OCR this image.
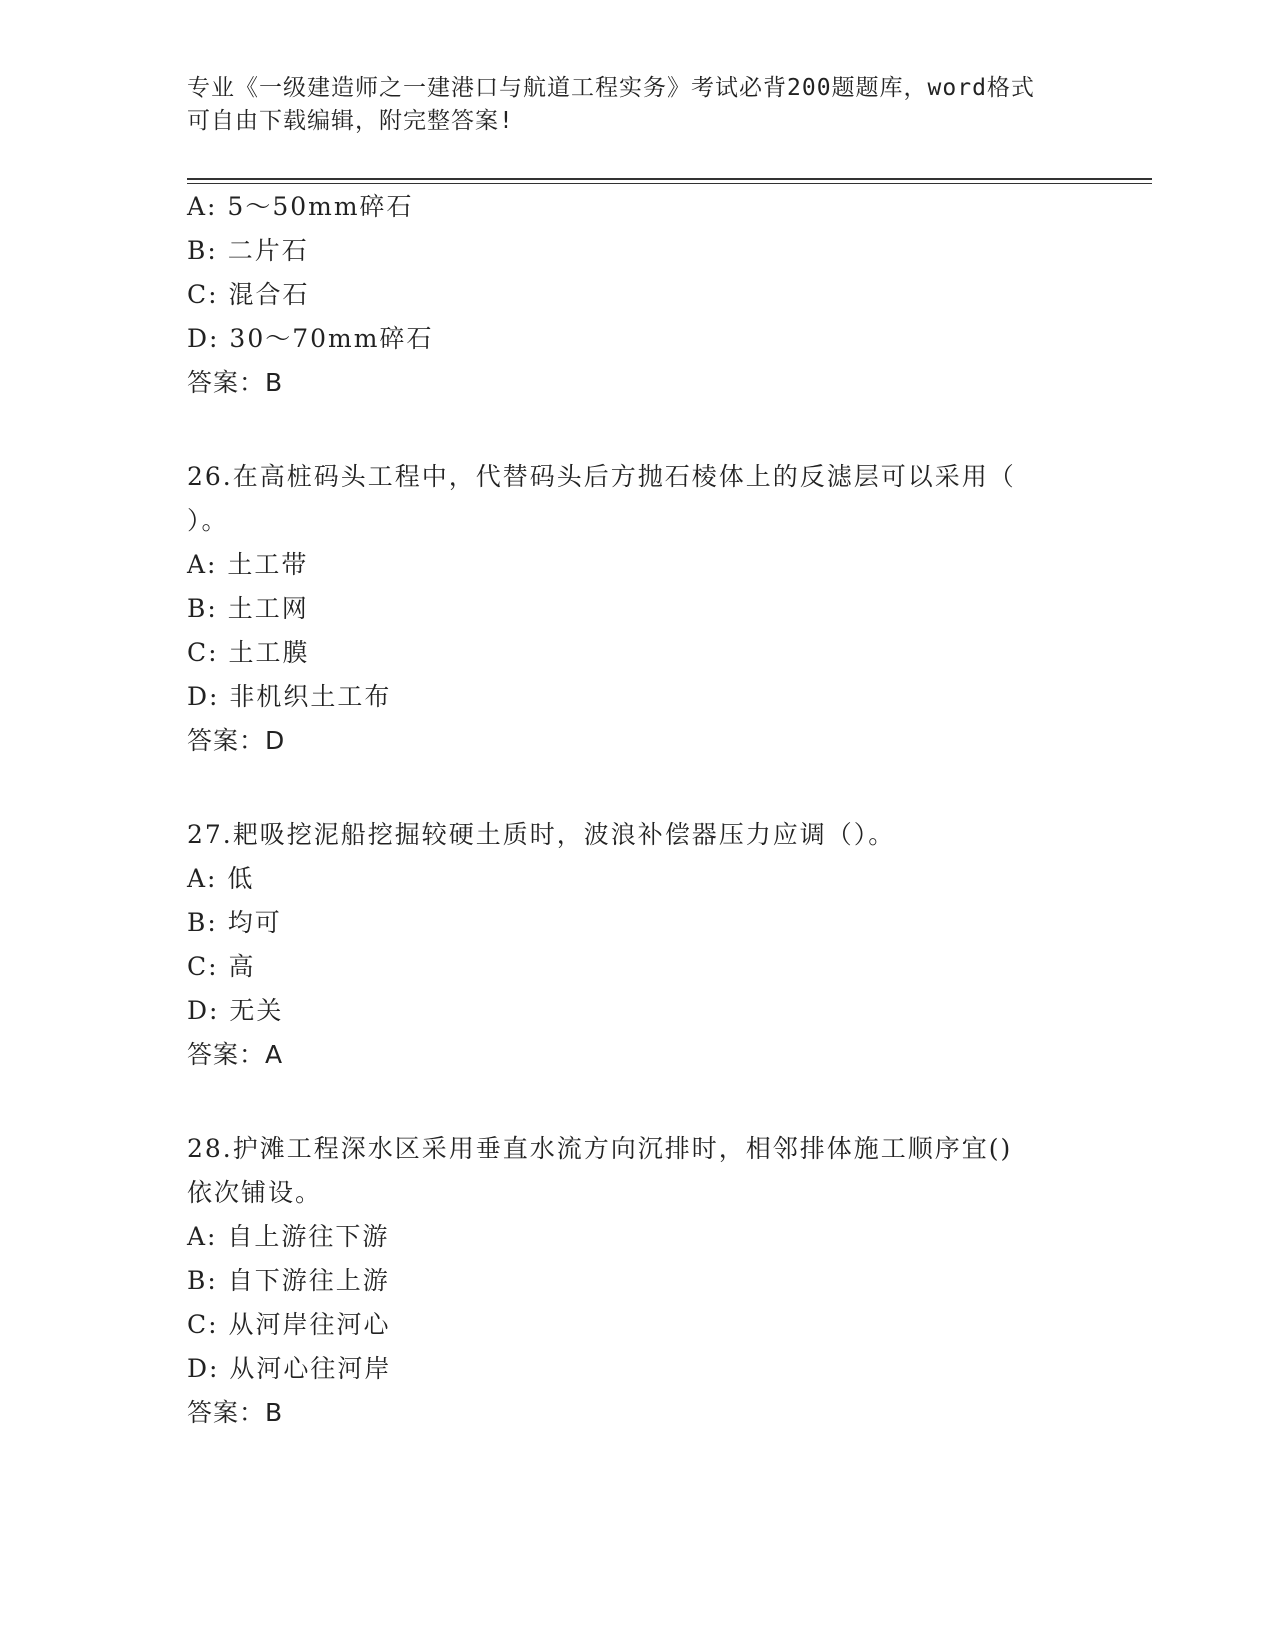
专业《一级建造师之一建港口与航道工程实务》考试必背200题题库，word格式
可自由下载编辑，附完整答案!
A: 5～50mm碎石
B: 二片石
C: 混合石
D: 30～70mm碎石
答案：B
26.在高桩码头工程中，代替码头后方抛石棱体上的反滤层可以采用（
）。
A: 土工带
B: 土工网
C: 土工膜
D: 非机织土工布
答案：D
27.耙吸挖泥船挖掘较硬土质时，波浪补偿器压力应调（）。
A: 低
B: 均可
C: 高
D: 无关
答案：A
28.护滩工程深水区采用垂直水流方向沉排时，相邻排体施工顺序宜()
依次铺设。
A: 自上游往下游
B: 自下游往上游
C: 从河岸往河心
D: 从河心往河岸
答案：B
